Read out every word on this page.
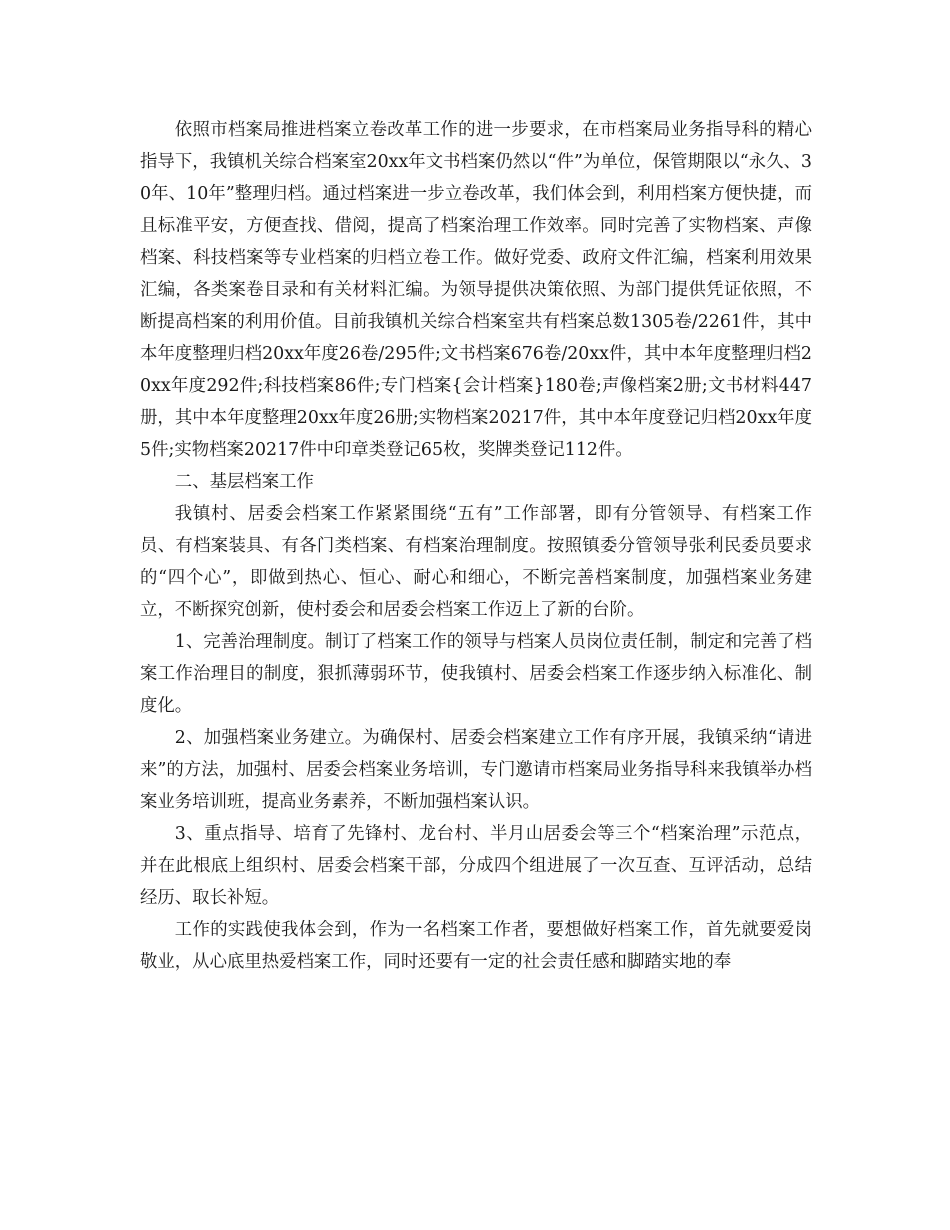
依照市档案局推进档案立卷改革工作的进一步要求，在市档案局业务指导科的精心指导下，我镇机关综合档案室20xx年文书档案仍然以“件”为单位，保管期限以“永久、30年、10年”整理归档。通过档案进一步立卷改革，我们体会到，利用档案方便快捷，而且标准平安，方便查找、借阅，提高了档案治理工作效率。同时完善了实物档案、声像档案、科技档案等专业档案的归档立卷工作。做好党委、政府文件汇编，档案利用效果汇编，各类案卷目录和有关材料汇编。为领导提供决策依照、为部门提供凭证依照，不断提高档案的利用价值。目前我镇机关综合档案室共有档案总数1305卷/2261件，其中本年度整理归档20xx年度26卷/295件;文书档案676卷/20xx件，其中本年度整理归档20xx年度292件;科技档案86件;专门档案{会计档案}180卷;声像档案2册;文书材料447册，其中本年度整理20xx年度26册;实物档案20217件，其中本年度登记归档20xx年度5件;实物档案20217件中印章类登记65枚，奖牌类登记112件。

二、基层档案工作

我镇村、居委会档案工作紧紧围绕“五有”工作部署，即有分管领导、有档案工作员、有档案装具、有各门类档案、有档案治理制度。按照镇委分管领导张利民委员要求的“四个心”，即做到热心、恒心、耐心和细心，不断完善档案制度，加强档案业务建立，不断探究创新，使村委会和居委会档案工作迈上了新的台阶。

1、完善治理制度。制订了档案工作的领导与档案人员岗位责任制，制定和完善了档案工作治理目的制度，狠抓薄弱环节，使我镇村、居委会档案工作逐步纳入标准化、制度化。

2、加强档案业务建立。为确保村、居委会档案建立工作有序开展，我镇采纳“请进来”的方法，加强村、居委会档案业务培训，专门邀请市档案局业务指导科来我镇举办档案业务培训班，提高业务素养，不断加强档案认识。

3、重点指导、培育了先锋村、龙台村、半月山居委会等三个“档案治理”示范点，并在此根底上组织村、居委会档案干部，分成四个组进展了一次互查、互评活动，总结经历、取长补短。

工作的实践使我体会到，作为一名档案工作者，要想做好档案工作，首先就要爱岗敬业，从心底里热爱档案工作，同时还要有一定的社会责任感和脚踏实地的奉
